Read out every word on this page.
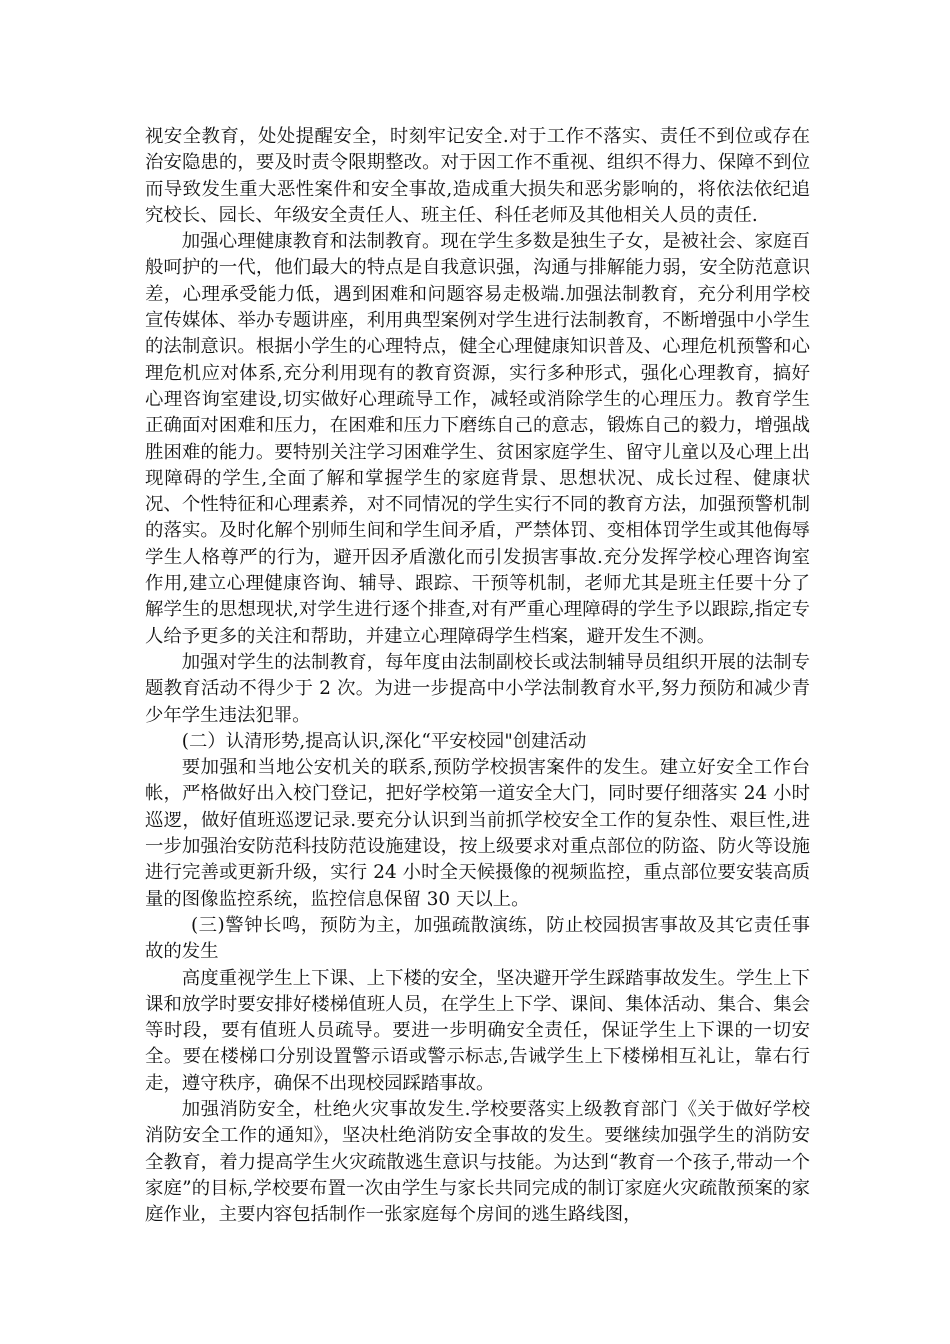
视安全教育，处处提醒安全，时刻牢记安全.对于工作不落实、责任不到位或存在治安隐患的，要及时责令限期整改。对于因工作不重视、组织不得力、保障不到位而导致发生重大恶性案件和安全事故,造成重大损失和恶劣影响的，将依法依纪追究校长、园长、年级安全责任人、班主任、科任老师及其他相关人员的责任.

加强心理健康教育和法制教育。现在学生多数是独生子女，是被社会、家庭百般呵护的一代，他们最大的特点是自我意识强，沟通与排解能力弱，安全防范意识差，心理承受能力低，遇到困难和问题容易走极端.加强法制教育，充分利用学校宣传媒体、举办专题讲座，利用典型案例对学生进行法制教育，不断增强中小学生的法制意识。根据小学生的心理特点，健全心理健康知识普及、心理危机预警和心理危机应对体系,充分利用现有的教育资源，实行多种形式，强化心理教育，搞好心理咨询室建设,切实做好心理疏导工作，减轻或消除学生的心理压力。教育学生正确面对困难和压力，在困难和压力下磨练自己的意志，锻炼自己的毅力，增强战胜困难的能力。要特别关注学习困难学生、贫困家庭学生、留守儿童以及心理上出现障碍的学生,全面了解和掌握学生的家庭背景、思想状况、成长过程、健康状况、个性特征和心理素养，对不同情况的学生实行不同的教育方法，加强预警机制的落实。及时化解个别师生间和学生间矛盾，严禁体罚、变相体罚学生或其他侮辱学生人格尊严的行为，避开因矛盾激化而引发损害事故.充分发挥学校心理咨询室作用,建立心理健康咨询、辅导、跟踪、干预等机制，老师尤其是班主任要十分了解学生的思想现状,对学生进行逐个排查,对有严重心理障碍的学生予以跟踪,指定专人给予更多的关注和帮助，并建立心理障碍学生档案，避开发生不测。

加强对学生的法制教育，每年度由法制副校长或法制辅导员组织开展的法制专题教育活动不得少于 2 次。为进一步提高中小学法制教育水平,努力预防和减少青少年学生违法犯罪。

(二）认清形势,提高认识,深化“平安校园"创建活动

要加强和当地公安机关的联系,预防学校损害案件的发生。建立好安全工作台帐，严格做好出入校门登记，把好学校第一道安全大门，同时要仔细落实 24 小时巡逻，做好值班巡逻记录.要充分认识到当前抓学校安全工作的复杂性、艰巨性,进一步加强治安防范科技防范设施建设，按上级要求对重点部位的防盗、防火等设施进行完善或更新升级，实行 24 小时全天候摄像的视频监控，重点部位要安装高质量的图像监控系统，监控信息保留 30 天以上。

(三)警钟长鸣，预防为主，加强疏散演练，防止校园损害事故及其它责任事故的发生

高度重视学生上下课、上下楼的安全，坚决避开学生踩踏事故发生。学生上下课和放学时要安排好楼梯值班人员，在学生上下学、课间、集体活动、集合、集会等时段，要有值班人员疏导。要进一步明确安全责任，保证学生上下课的一切安全。要在楼梯口分别设置警示语或警示标志,告诫学生上下楼梯相互礼让，靠右行走，遵守秩序，确保不出现校园踩踏事故。

加强消防安全，杜绝火灾事故发生.学校要落实上级教育部门《关于做好学校消防安全工作的通知》，坚决杜绝消防安全事故的发生。要继续加强学生的消防安全教育，着力提高学生火灾疏散逃生意识与技能。为达到“教育一个孩子,带动一个家庭”的目标,学校要布置一次由学生与家长共同完成的制订家庭火灾疏散预案的家庭作业，主要内容包括制作一张家庭每个房间的逃生路线图，
